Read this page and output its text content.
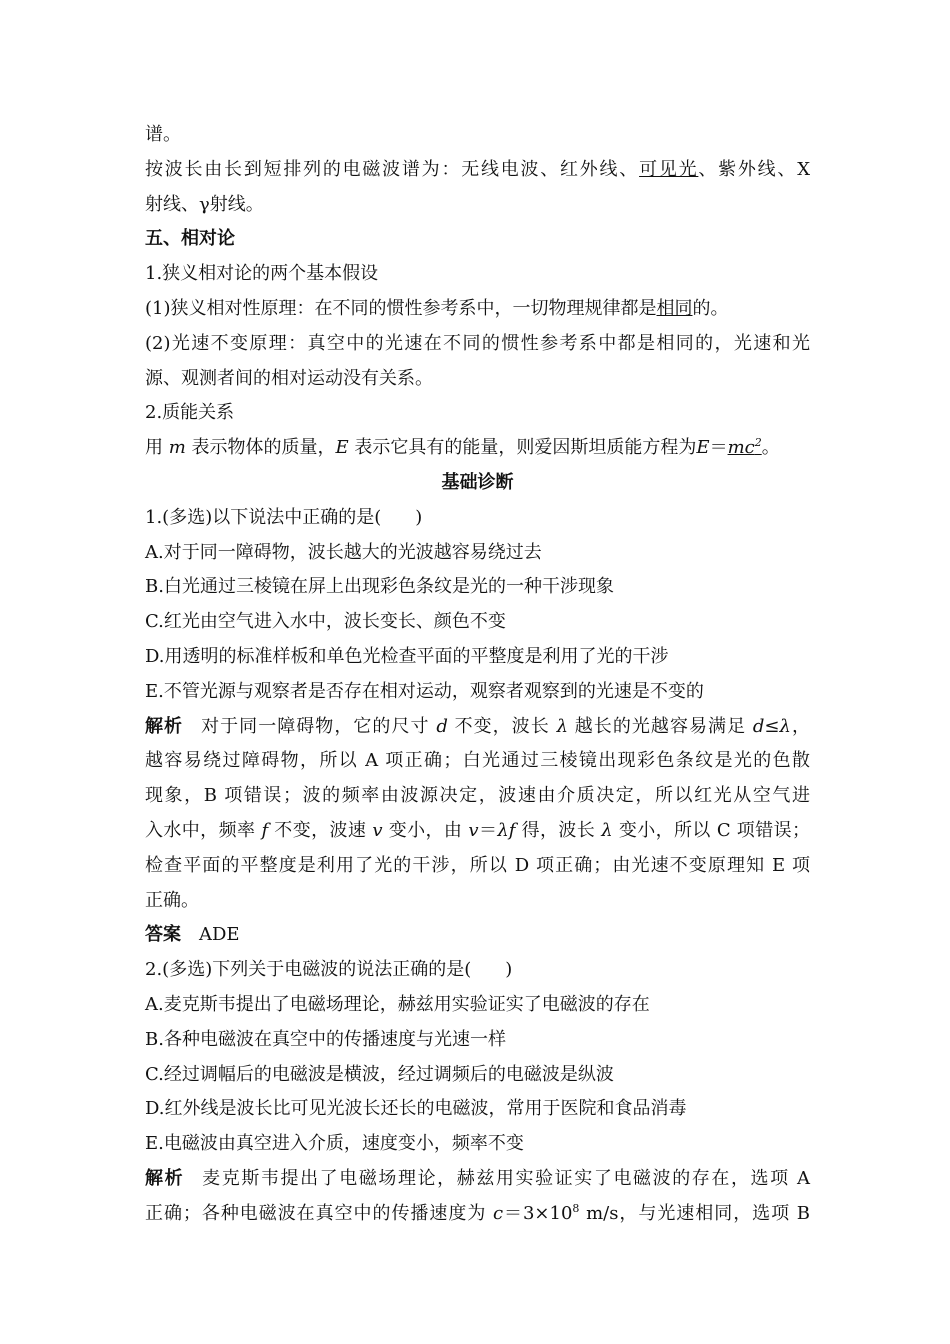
谱。
按波长由长到短排列的电磁波谱为：无线电波、红外线、可见光、紫外线、X
射线、γ射线。
五、相对论
1.狭义相对论的两个基本假设
(1)狭义相对性原理：在不同的惯性参考系中，一切物理规律都是相同的。
(2)光速不变原理：真空中的光速在不同的惯性参考系中都是相同的，光速和光
源、观测者间的相对运动没有关系。
2.质能关系
用 m 表示物体的质量，E 表示它具有的能量，则爱因斯坦质能方程为$E=mc^2$。
基础诊断
1.(多选)以下说法中正确的是( )
A.对于同一障碍物，波长越大的光波越容易绕过去
B.白光通过三棱镜在屏上出现彩色条纹是光的一种干涉现象
C.红光由空气进入水中，波长变长、颜色不变
D.用透明的标准样板和单色光检查平面的平整度是利用了光的干涉
E.不管光源与观察者是否存在相对运动，观察者观察到的光速是不变的
解析 对于同一障碍物，它的尺寸 d 不变，波长 λ 越长的光越容易满足 d≤λ，
越容易绕过障碍物，所以 A 项正确；白光通过三棱镜出现彩色条纹是光的色散
现象，B 项错误；波的频率由波源决定，波速由介质决定，所以红光从空气进
入水中，频率 f 不变，波速 v 变小，由 v＝λf 得，波长 λ 变小，所以 C 项错误；
检查平面的平整度是利用了光的干涉，所以 D 项正确；由光速不变原理知 E 项
正确。
答案 ADE
2.(多选)下列关于电磁波的说法正确的是( )
A.麦克斯韦提出了电磁场理论，赫兹用实验证实了电磁波的存在
B.各种电磁波在真空中的传播速度与光速一样
C.经过调幅后的电磁波是横波，经过调频后的电磁波是纵波
D.红外线是波长比可见光波长还长的电磁波，常用于医院和食品消毒
E.电磁波由真空进入介质，速度变小，频率不变
解析 麦克斯韦提出了电磁场理论，赫兹用实验证实了电磁波的存在，选项 A
正确；各种电磁波在真空中的传播速度为 $c=3\times 10^8$ m/s，与光速相同，选项 B
